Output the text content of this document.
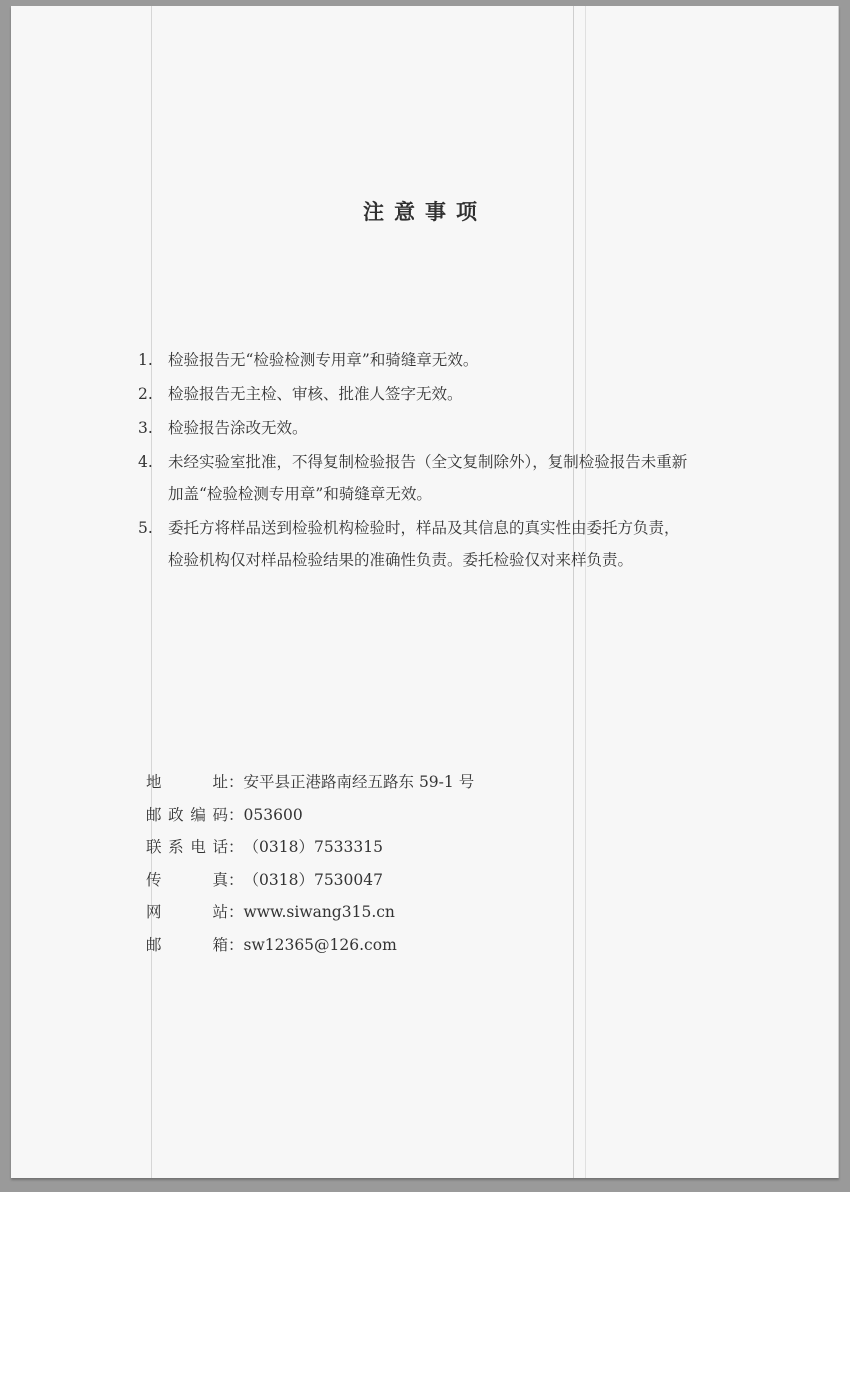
注意事项
1. 检验报告无“检验检测专用章”和骑缝章无效。
2. 检验报告无主检、审核、批准人签字无效。
3. 检验报告涂改无效。
4. 未经实验室批准，不得复制检验报告（全文复制除外），复制检验报告未重新
加盖“检验检测专用章”和骑缝章无效。
5. 委托方将样品送到检验机构检验时，样品及其信息的真实性由委托方负责，
检验机构仅对样品检验结果的准确性负责。委托检验仅对来样负责。
地址 ： 安平县正港路南经五路东 59-1 号
邮政编码 ： 053600
联系电话 ： （0318）7533315
传真 ： （0318）7530047
网站 ： www.siwang315.cn
邮箱 ： sw12365@126.com
